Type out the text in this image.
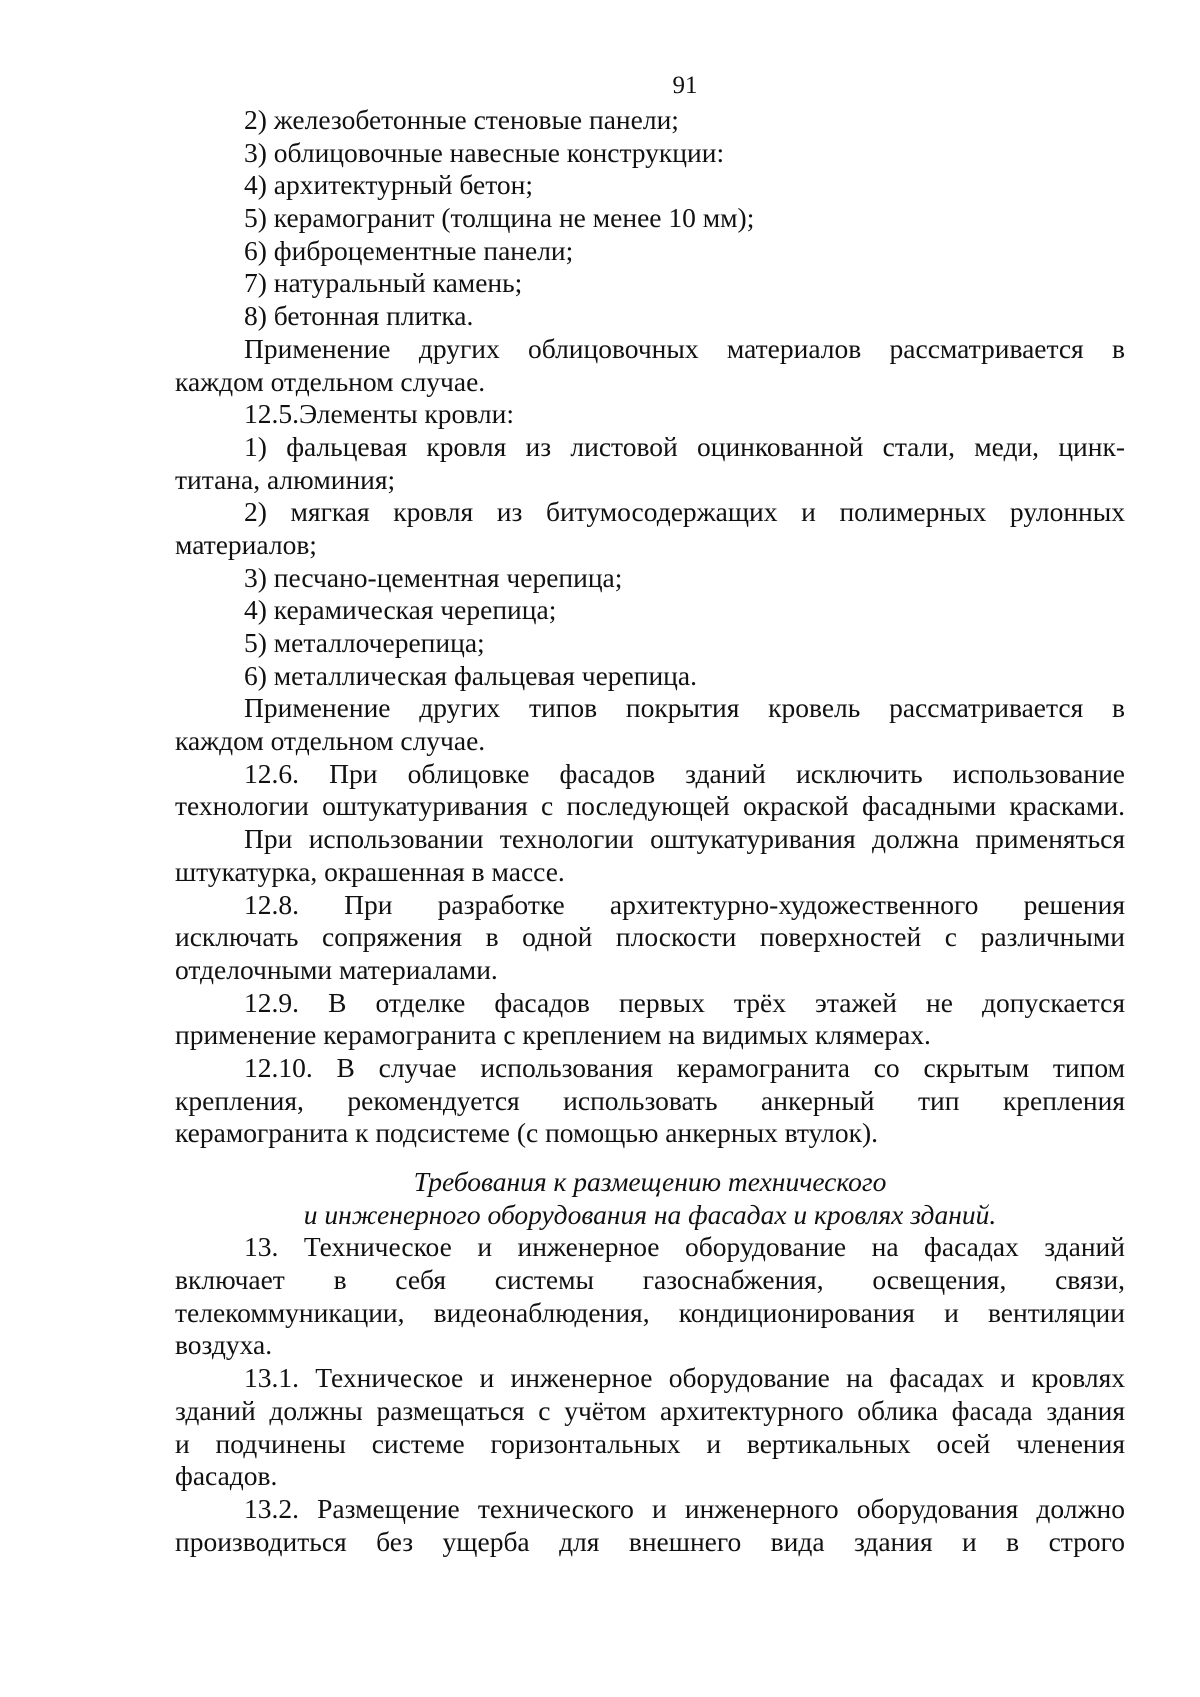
91
2) железобетонные стеновые панели;
3) облицовочные навесные конструкции:
4) архитектурный бетон;
5) керамогранит (толщина не менее 10 мм);
6) фиброцементные панели;
7) натуральный камень;
8) бетонная плитка.
Применение других облицовочных материалов рассматривается в
каждом отдельном случае.
12.5.Элементы кровли:
1) фальцевая кровля из листовой оцинкованной стали, меди, цинк-
титана, алюминия;
2) мягкая кровля из битумосодержащих и полимерных рулонных
материалов;
3) песчано-цементная черепица;
4) керамическая черепица;
5) металлочерепица;
6) металлическая фальцевая черепица.
Применение других типов покрытия кровель рассматривается в
каждом отдельном случае.
12.6. При облицовке фасадов зданий исключить использование
технологии оштукатуривания с последующей окраской фасадными красками.
При использовании технологии оштукатуривания должна применяться
штукатурка, окрашенная в массе.
12.8. При разработке архитектурно-художественного решения
исключать сопряжения в одной плоскости поверхностей с различными
отделочными материалами.
12.9. В отделке фасадов первых трёх этажей не допускается
применение керамогранита с креплением на видимых клямерах.
12.10. В случае использования керамогранита со скрытым типом
крепления, рекомендуется использовать анкерный тип крепления
керамогранита к подсистеме (с помощью анкерных втулок).
Требования к размещению технического
и инженерного оборудования на фасадах и кровлях зданий.
13. Техническое и инженерное оборудование на фасадах зданий
включает в себя системы газоснабжения, освещения, связи,
телекоммуникации, видеонаблюдения, кондиционирования и вентиляции
воздуха.
13.1. Техническое и инженерное оборудование на фасадах и кровлях
зданий должны размещаться с учётом архитектурного облика фасада здания
и подчинены системе горизонтальных и вертикальных осей членения
фасадов.
13.2. Размещение технического и инженерного оборудования должно
производиться без ущерба для внешнего вида здания и в строго
